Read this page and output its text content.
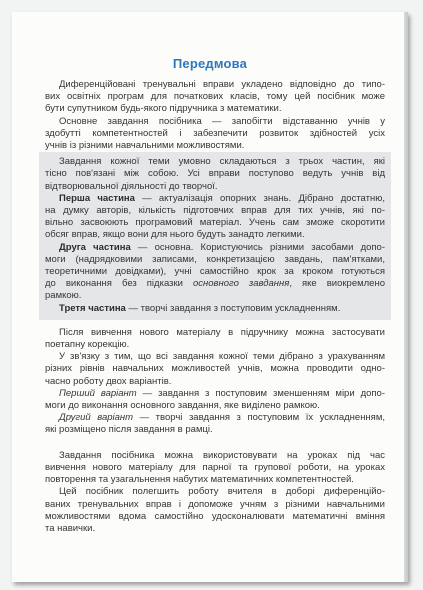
Передмова
Диференційовані тренувальні вправи укладено відповідно до типо-
вих освітніх програм для початкових класів, тому цей посібник може
бути супутником будь-якого підручника з математики.
Основне завдання посібника — запобігти відставанню учнів у
здобутті компетентностей і забезпечити розвиток здібностей усіх
учнів із різними навчальними можливостями.
Завдання кожної теми умовно складаються з трьох частин, які
тісно пов'язані між собою. Усі вправи поступово ведуть учнів від
відтворювальної діяльності до творчої.
Перша частина — актуалізація опорних знань. Дібрано достатню,
на думку авторів, кількість підготовчих вправ для тих учнів, які по-
вільно засвоюють програмовий матеріал. Учень сам зможе скоротити
обсяг вправ, якщо вони для нього будуть занадто легкими.
Друга частина — основна. Користуючись різними засобами допо-
моги (надрядковими записами, конкретизацією завдань, пам'ятками,
теоретичними довідками), учні самостійно крок за кроком готуються
до виконання без підказки основного завдання, яке виокремлено
рамкою.
Третя частина — творчі завдання з поступовим ускладненням.
Після вивчення нового матеріалу в підручнику можна застосувати
поетапну корекцію.
У зв'язку з тим, що всі завдання кожної теми дібрано з урахуванням
різних рівнів навчальних можливостей учнів, можна проводити одно-
часно роботу двох варіантів.
Перший варіант — завдання з поступовим зменшенням міри допо-
моги до виконання основного завдання, яке виділено рамкою.
Другий варіант — творчі завдання з поступовим їх ускладненням,
які розміщено після завдання в рамці.
Завдання посібника можна використовувати на уроках під час
вивчення нового матеріалу для парної та групової роботи, на уроках
повторення та узагальнення набутих математичних компетентностей.
Цей посібник полегшить роботу вчителя в доборі диференційо-
ваних тренувальних вправ і допоможе учням з різними навчальними
можливостями вдома самостійно удосконалювати математичні вміння
та навички.
